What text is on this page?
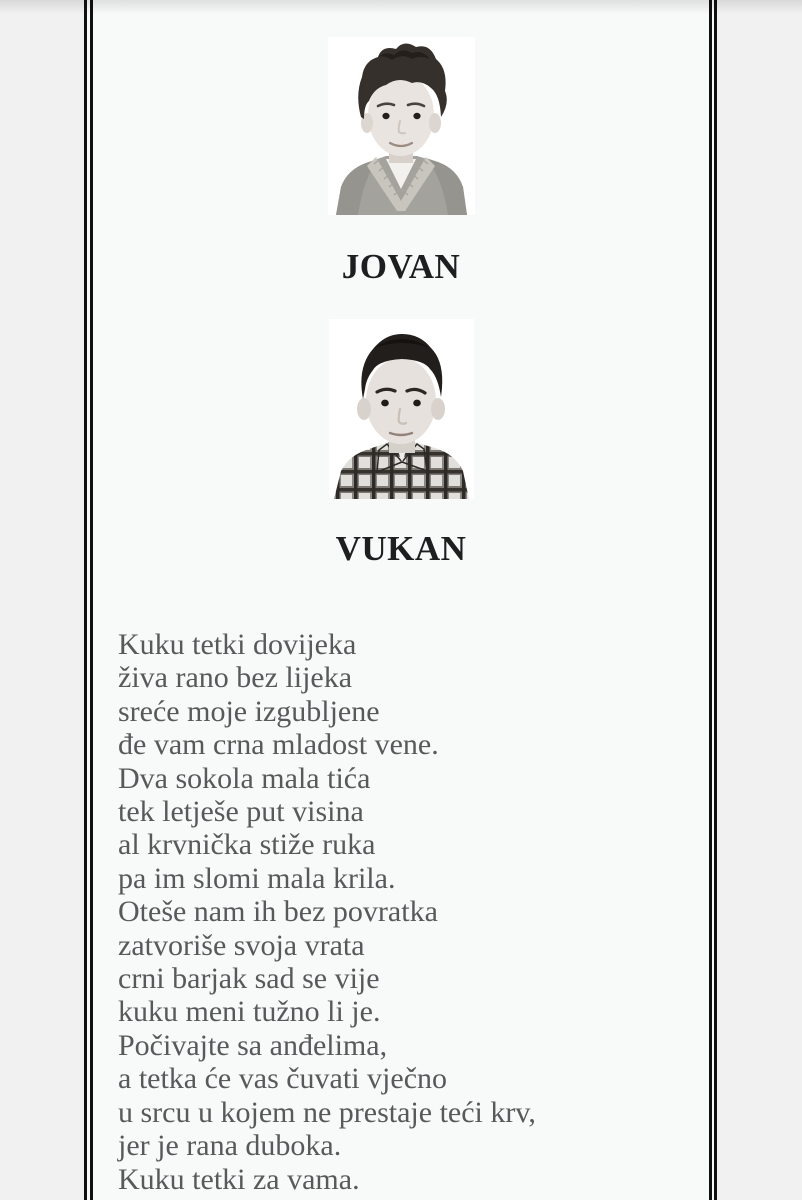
JOVAN
VUKAN
Kuku tetki dovijeka
živa rano bez lijeka
sreće moje izgubljene
đe vam crna mladost vene.
Dva sokola mala tića
tek letješe put visina
al krvnička stiže ruka
pa im slomi mala krila.
Oteše nam ih bez povratka
zatvoriše svoja vrata
crni barjak sad se vije
kuku meni tužno li je.
Počivajte sa anđelima,
a tetka će vas čuvati vječno
u srcu u kojem ne prestaje teći krv,
jer je rana duboka.
Kuku tetki za vama.
